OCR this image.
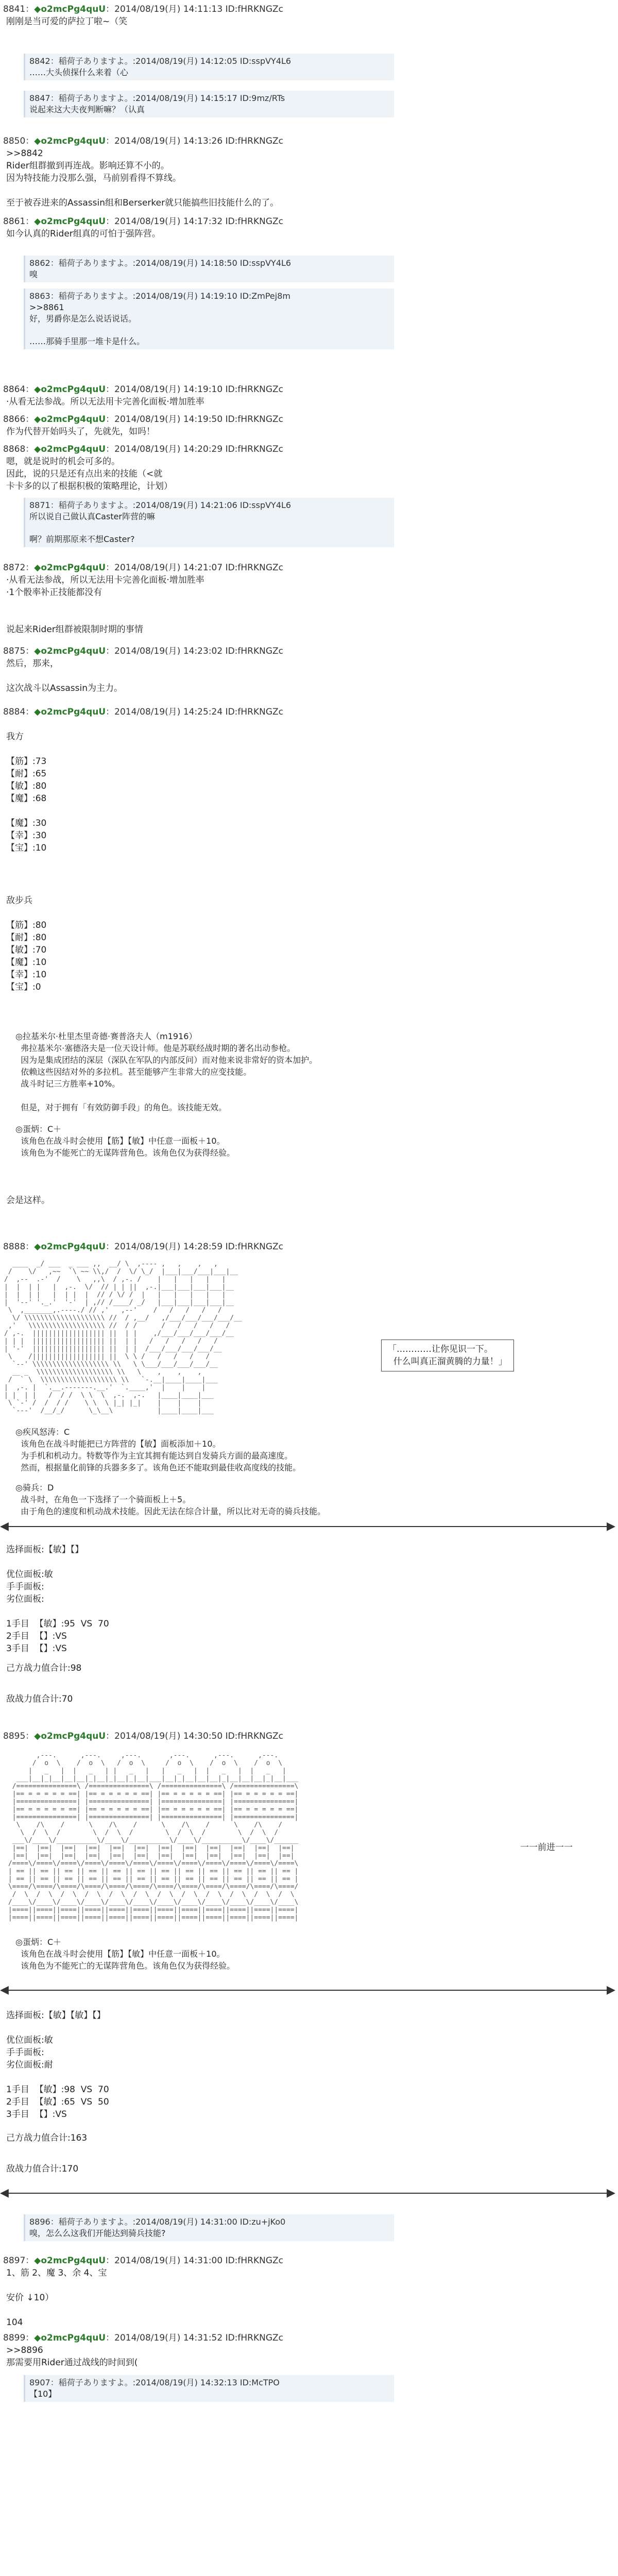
8841：◆o2mcPg4quU：2014/08/19(月) 14:11:13 ID:fHRKNGZc
刚刚是当可爱的萨拉丁啦~（笑
8842：稲荷子ありますよ。:2014/08/19(月) 14:12:05 ID:sspVY4L6
……大头侦探什么来着（心
8847：稲荷子ありますよ。:2014/08/19(月) 14:15:17 ID:9mz/RTs
说起来这大夫夜判断嘛？（认真
8850：◆o2mcPg4quU：2014/08/19(月) 14:13:26 ID:fHRKNGZc
>>8842
Rider组群撤到再连战。影响还算不小的。
因为特技能力没那么强，马前别看得不算线。

至于被吞进来的Assassin组和Berserker就只能搞些旧技能什么的了。
8861：◆o2mcPg4quU：2014/08/19(月) 14:17:32 ID:fHRKNGZc
如今认真的Rider组真的可怕于强阵营。
8862：稲荷子ありますよ。:2014/08/19(月) 14:18:50 ID:sspVY4L6
嗅
8863：稲荷子ありますよ。:2014/08/19(月) 14:19:10 ID:ZmPej8m
>>8861
好，男爵你是怎么说话说话。

……那骑手里那一堆卡是什么。
8864：◆o2mcPg4quU：2014/08/19(月) 14:19:10 ID:fHRKNGZc
·从看无法参战。所以无法用卡完善化面板·增加胜率
8866：◆o2mcPg4quU：2014/08/19(月) 14:19:50 ID:fHRKNGZc
作为代替开始吗头了，先就先，如吗！
8868：◆o2mcPg4quU：2014/08/19(月) 14:20:29 ID:fHRKNGZc
嗯，就是说时的机会可多的。
因此，说的只是还有点出来的技能（<就
卡卡多的以了根据积极的策略理论，计划）
8871：稲荷子ありますよ。:2014/08/19(月) 14:21:06 ID:sspVY4L6
所以说自己做认真Caster阵营的嘛

啊？前期那原来不想Caster?
8872：◆o2mcPg4quU：2014/08/19(月) 14:21:07 ID:fHRKNGZc
·从看无法参战，所以无法用卡完善化面板·增加胜率
·1个骰率补正技能都没有

说起来Rider组群被限制时期的事情
8875：◆o2mcPg4quU：2014/08/19(月) 14:23:02 ID:fHRKNGZc
然后，那来，

这次战斗以Assassin为主力。
8884：◆o2mcPg4quU：2014/08/19(月) 14:25:24 ID:fHRKNGZc
我方
【筋】:73
【耐】:65
【敏】:80
【魔】:68

【魔】:30
【幸】:30
【宝】:10
敌步兵
【筋】:80
【耐】:80
【敏】:70
【魔】:10
【幸】:10
【宝】:0
◎拉基米尔·杜里杰里奇德·赛普洛夫人（m1916）
弗拉基米尔·塞德洛夫是一位天设计师。他是苏联经战时期的著名出动参枪。
因为是集成团结的深层（深队在军队的内部反问）而对他来说非常好的资本加护。
依赖这些因结对外的多拉机。甚至能够产生非常大的应变技能。
战斗时记三方胜率+10%。

但是，对于拥有「有效防御手段」的角色。该技能无效。
◎蛋炳：C＋
该角色在战斗时会使用【筋】【敏】中任意一面板＋10。
该角色为不能死亡的无谋阵营角色。该角色仅为获得经验。
会是这样。
8888：◆o2mcPg4quU：2014/08/19(月) 14:28:59 ID:fHRKNGZc
____  _/ ___  _ ___ ,,  __/ \  ,---- ,   ,    ,   ,
/    \/   ,~~  `\ ~~ \\,/  /  \/ \_/  |___|___/___|___|__
/  ,--  .-'  /    \   ,,\  / ,-. /    |   |   |   |   |
|  |  | |   |  ,-.  \/  // | | ||  ,-.|___|___|___|___|__
|  |  | |   |  | |  |  // / \/ /  |   |   |   |   |   |
|  '--' '._.'  '-'  | ,// /____/ _/   |___|___|___|___|__
\  ,_______,.----./ // ,'   ,--'    /   /   /   /   /
\/ \\\\\\\\\\\\\\\\\\\\ //  / ,__/   ,/___/___/___/___/__
,'   \\\\\\\\\\\\\\\\\\\ //  / /      /   /   /   /   /
/ ,-.  |||||||||||||||||| ||  | |    ,/___/___/___/___/__
| | |  |||||||||||||||||| ||  | |   /   /   /   /   /
| '-'  |||||||||||||||||| ||  | |  /___/___/___/___/__
\    /|||||||||||||||||| ||  \ \ /   /   /   /   /
`--' \\\\\\\\\\\\\\\\\\\ \\   \ \___/___/___/___/__
__ _  \\\\\\\\\\\\\\\\\\\ \\   \    ,    ,    ,
/  ` \  \\\\\\\\\\\\\\\\\\\ \\   `-.__|____|____|___
|  ,-. |  `.__.-------.__.'  `.____,'  |    |    |
| |  | |   /  / /  \ \  \  ,-.  ,-.   |____|____|___
\ `-' /  /  / /    \ \  \ |_| |_|    |    |    |
`---'  /__/_/      \_\__\           |____|____|___
「…………让你见识一下。
什么叫真正溜黄腾的力量！」
◎疾风怒涛：C
该角色在战斗时能把已方阵营的【敏】面板添加＋10。
为手机和机动力。特数等作为主宜其拥有能达到自发骑兵方面的最高速度。
然而，根据量化前锋的兵器多多了。该角色还不能取到最佳收高度线的技能。
◎骑兵：D
战斗时，在角色一下选择了一个骑面板上＋5。
由于角色的速度和机动战术技能。因此无法在综合计量，所以比对无奇的骑兵技能。
◀	▶
选择面板:【敏】【】
优位面板:敏
手手面板:
劣位面板:

1手目  【敏】:95  VS  70
2手目  【】:VS
3手目  【】:VS
己方战力值合计:98
敌战力值合计:70
8895：◆o2mcPg4quU：2014/08/19(月) 14:30:50 ID:fHRKNGZc
,---.      ,---.     ,---.       ,---.      ,---.      ,---.
/  o  \    /  o  \   /  o  \     /  o  \    /  o  \    /  o  \
|   _   |  |   _   | |   _   |   |   _   |  |   _   |  |   _   |
___|__|_|__|__|__|_|__|_|__|_|__|___|__|_|__|__|__|_|__|__|__|_|__|___
/===============\ /===============\ /===============\ /===============\
|== = = = = = ==| |== = = = = = ==| |== = = = = = ==| |== = = = = = ==|
|===============| |===============| |===============| |===============|
|== = = = = = ==| |== = = = = = ==| |== = = = = = ==| |== = = = = = ==|
|===============| |===============| |===============| |===============|
\    /\    /      \    /\    /      \    /\    /      \    /\    /
\  /  \  /        \  /  \  /        \  /  \  /        \  /  \  /
___\/____\/__________\/____\/__________\/____\/__________\/____\/______
|==|  |==|  |==|  |==|  |==|  |==|  |==|  |==|  |==|  |==|  |==|  |==|
|==|  |==|  |==|  |==|  |==|  |==|  |==|  |==|  |==|  |==|  |==|  |==|
/====\/====\/====\/====\/====\/====\/====\/====\/====\/====\/====\/====\
| == || == || == || == || == || == || == || == || == || == || == || == |
| == || == || == || == || == || == || == || == || == || == || == || == |
\====/\====/\====/\====/\====/\====/\====/\====/\====/\====/\====/\====/
/  \  /  \  /  \  /  \  /  \  /  \  /  \  /  \  /  \  /  \  /  \  /  \
/____\/____\/____\/____\/____\/____\/____\/____\/____\/____\/____\/____\
|====||====||====||====||====||====||====||====||====||====||====||====|
|====||====||====||====||====||====||====||====||====||====||====||====|
一一前进一一
◎蛋炳：C＋
该角色在战斗时会使用【筋】【敏】中任意一面板＋10。
该角色为不能死亡的无谋阵营角色。该角色仅为获得经验。
◀	▶
选择面板:【敏】【敏】【】
优位面板:敏
手手面板:
劣位面板:耐

1手目  【敏】:98  VS  70
2手目  【敏】:65  VS  50
3手目  【】:VS
己方战力值合计:163
敌战力值合计:170
◀	▶
8896：稲荷子ありますよ。:2014/08/19(月) 14:31:00 ID:zu+jKo0
嗅，怎么么这我们开能达到骑兵技能?
8897：◆o2mcPg4quU：2014/08/19(月) 14:31:00 ID:fHRKNGZc
1、筋 2、魔 3、余 4、宝

安价 ↓10）

104
8899：◆o2mcPg4quU：2014/08/19(月) 14:31:52 ID:fHRKNGZc
>>8896
那需要用Rider通过战线的时间到(
8907：稲荷子ありますよ。:2014/08/19(月) 14:32:13 ID:McTPO
【10】
